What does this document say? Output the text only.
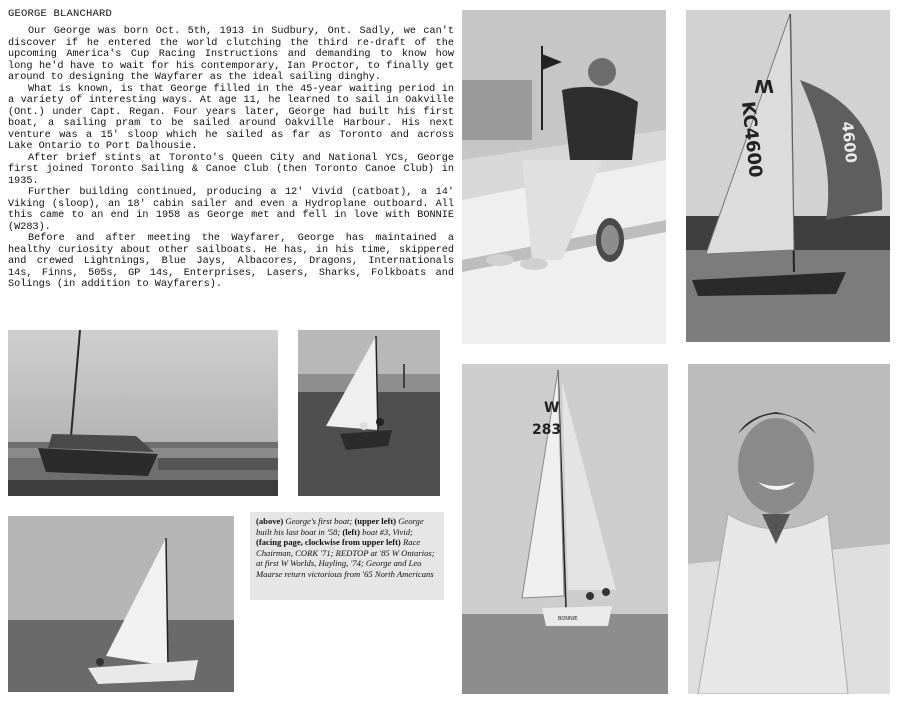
GEORGE BLANCHARD

Our George was born Oct. 5th, 1913 in Sudbury, Ont. Sadly, we can't discover if he entered the world clutching the third re-draft of the upcoming America's Cup Racing Instructions and demanding to know how long he'd have to wait for his contemporary, Ian Proctor, to finally get around to designing the Wayfarer as the ideal sailing dinghy.

What is known, is that George filled in the 45-year waiting period in a variety of interesting ways. At age 11, he learned to sail in Oakville (Ont.) under Capt. Regan. Four years later, George had built his first boat, a sailing pram to be sailed around Oakville Harbour. His next venture was a 15' sloop which he sailed as far as Toronto and across Lake Ontario to Port Dalhousie.

After brief stints at Toronto's Queen City and National YCs, George first joined Toronto Sailing & Canoe Club (then Toronto Canoe Club) in 1935.

Further building continued, producing a 12' Vivid (catboat), a 14' Viking (sloop), an 18' cabin sailer and even a Hydroplane outboard. All this came to an end in 1958 as George met and fell in love with BONNIE (W283).

Before and after meeting the Wayfarer, George has maintained a healthy curiosity about other sailboats. He has, in his time, skippered and crewed Lightnings, Blue Jays, Albacores, Dragons, Internationals 14s, Finns, 505s, GP 14s, Enterprises, Lasers, Sharks, Folkboats and Solings (in addition to Wayfarers).

(above) George's first boat; (upper left) George built his last boat in '58; (left) boat #3, Vivid; (facing page, clockwise from upper left) Race Chairman, CORK '71; REDTOP at '85 W Ontarios; at first W Worlds, Hayling, '74; George and Leo Maarse return victorious from '65 North Americans
KC4600
W
4600
W
283
BONNIE
